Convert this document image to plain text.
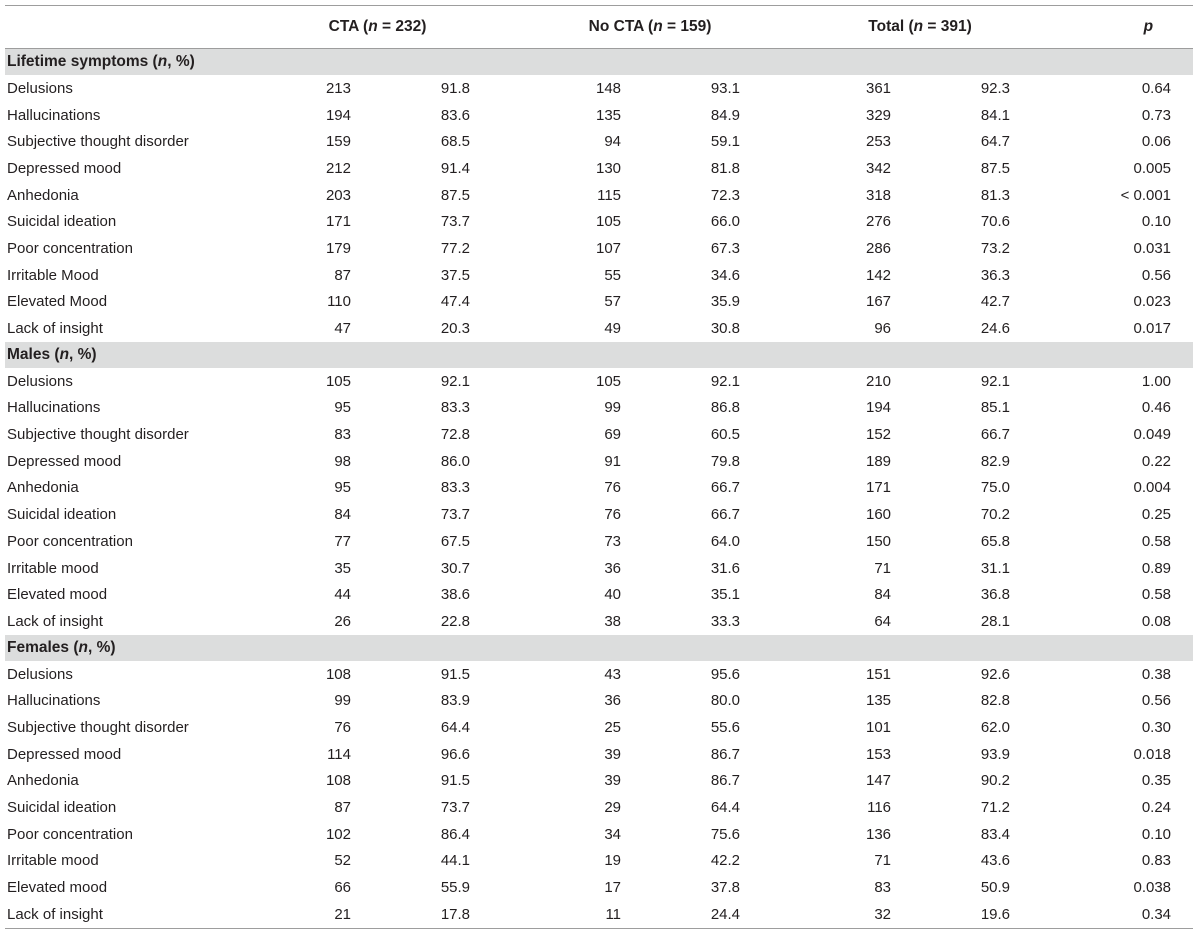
	CTA (n = 232)		No CTA (n = 159)		Total (n = 391)		p
Lifetime symptoms (n, %)							
Delusions	213	91.8	148	93.1	361	92.3	0.64
Hallucinations	194	83.6	135	84.9	329	84.1	0.73
Subjective thought disorder	159	68.5	94	59.1	253	64.7	0.06
Depressed mood	212	91.4	130	81.8	342	87.5	0.005
Anhedonia	203	87.5	115	72.3	318	81.3	< 0.001
Suicidal ideation	171	73.7	105	66.0	276	70.6	0.10
Poor concentration	179	77.2	107	67.3	286	73.2	0.031
Irritable Mood	87	37.5	55	34.6	142	36.3	0.56
Elevated Mood	110	47.4	57	35.9	167	42.7	0.023
Lack of insight	47	20.3	49	30.8	96	24.6	0.017
Males (n, %)							
Delusions	105	92.1	105	92.1	210	92.1	1.00
Hallucinations	95	83.3	99	86.8	194	85.1	0.46
Subjective thought disorder	83	72.8	69	60.5	152	66.7	0.049
Depressed mood	98	86.0	91	79.8	189	82.9	0.22
Anhedonia	95	83.3	76	66.7	171	75.0	0.004
Suicidal ideation	84	73.7	76	66.7	160	70.2	0.25
Poor concentration	77	67.5	73	64.0	150	65.8	0.58
Irritable mood	35	30.7	36	31.6	71	31.1	0.89
Elevated mood	44	38.6	40	35.1	84	36.8	0.58
Lack of insight	26	22.8	38	33.3	64	28.1	0.08
Females (n, %)							
Delusions	108	91.5	43	95.6	151	92.6	0.38
Hallucinations	99	83.9	36	80.0	135	82.8	0.56
Subjective thought disorder	76	64.4	25	55.6	101	62.0	0.30
Depressed mood	114	96.6	39	86.7	153	93.9	0.018
Anhedonia	108	91.5	39	86.7	147	90.2	0.35
Suicidal ideation	87	73.7	29	64.4	116	71.2	0.24
Poor concentration	102	86.4	34	75.6	136	83.4	0.10
Irritable mood	52	44.1	19	42.2	71	43.6	0.83
Elevated mood	66	55.9	17	37.8	83	50.9	0.038
Lack of insight	21	17.8	11	24.4	32	19.6	0.34
